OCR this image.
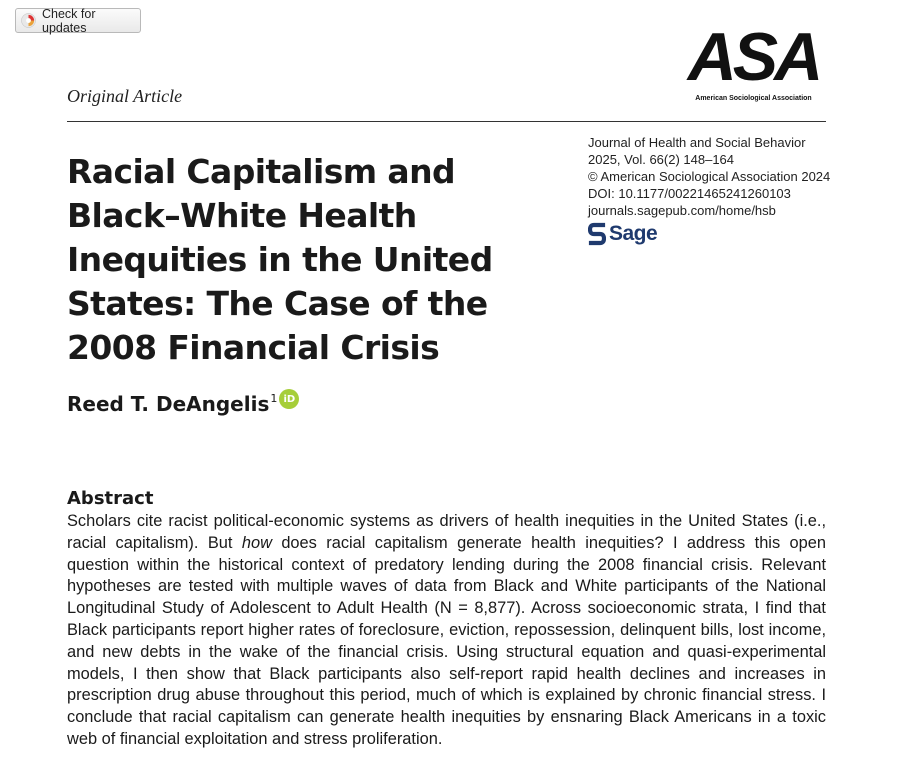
Check for updates
Original Article
ASA
American Sociological Association
Racial Capitalism and Black–White Health Inequities in the United States: The Case of the 2008 Financial Crisis
Journal of Health and Social Behavior
2025, Vol. 66(2) 148–164
© American Sociological Association 2024
DOI: 10.1177/00221465241260103
journals.sagepub.com/home/hsb
Sage
Reed T. DeAngelis$^1$ iD
Abstract

Scholars cite racist political-economic systems as drivers of health inequities in the United States (i.e., racial capitalism). But how does racial capitalism generate health inequities? I address this open question within the historical context of predatory lending during the 2008 financial crisis. Relevant hypotheses are tested with multiple waves of data from Black and White participants of the National Longitudinal Study of Adolescent to Adult Health (N = 8,877). Across socioeconomic strata, I find that Black participants report higher rates of foreclosure, eviction, repossession, delinquent bills, lost income, and new debts in the wake of the financial crisis. Using structural equation and quasi-experimental models, I then show that Black participants also self-report rapid health declines and increases in prescription drug abuse throughout this period, much of which is explained by chronic financial stress. I conclude that racial capitalism can generate health inequities by ensnaring Black Americans in a toxic web of financial exploitation and stress proliferation.
